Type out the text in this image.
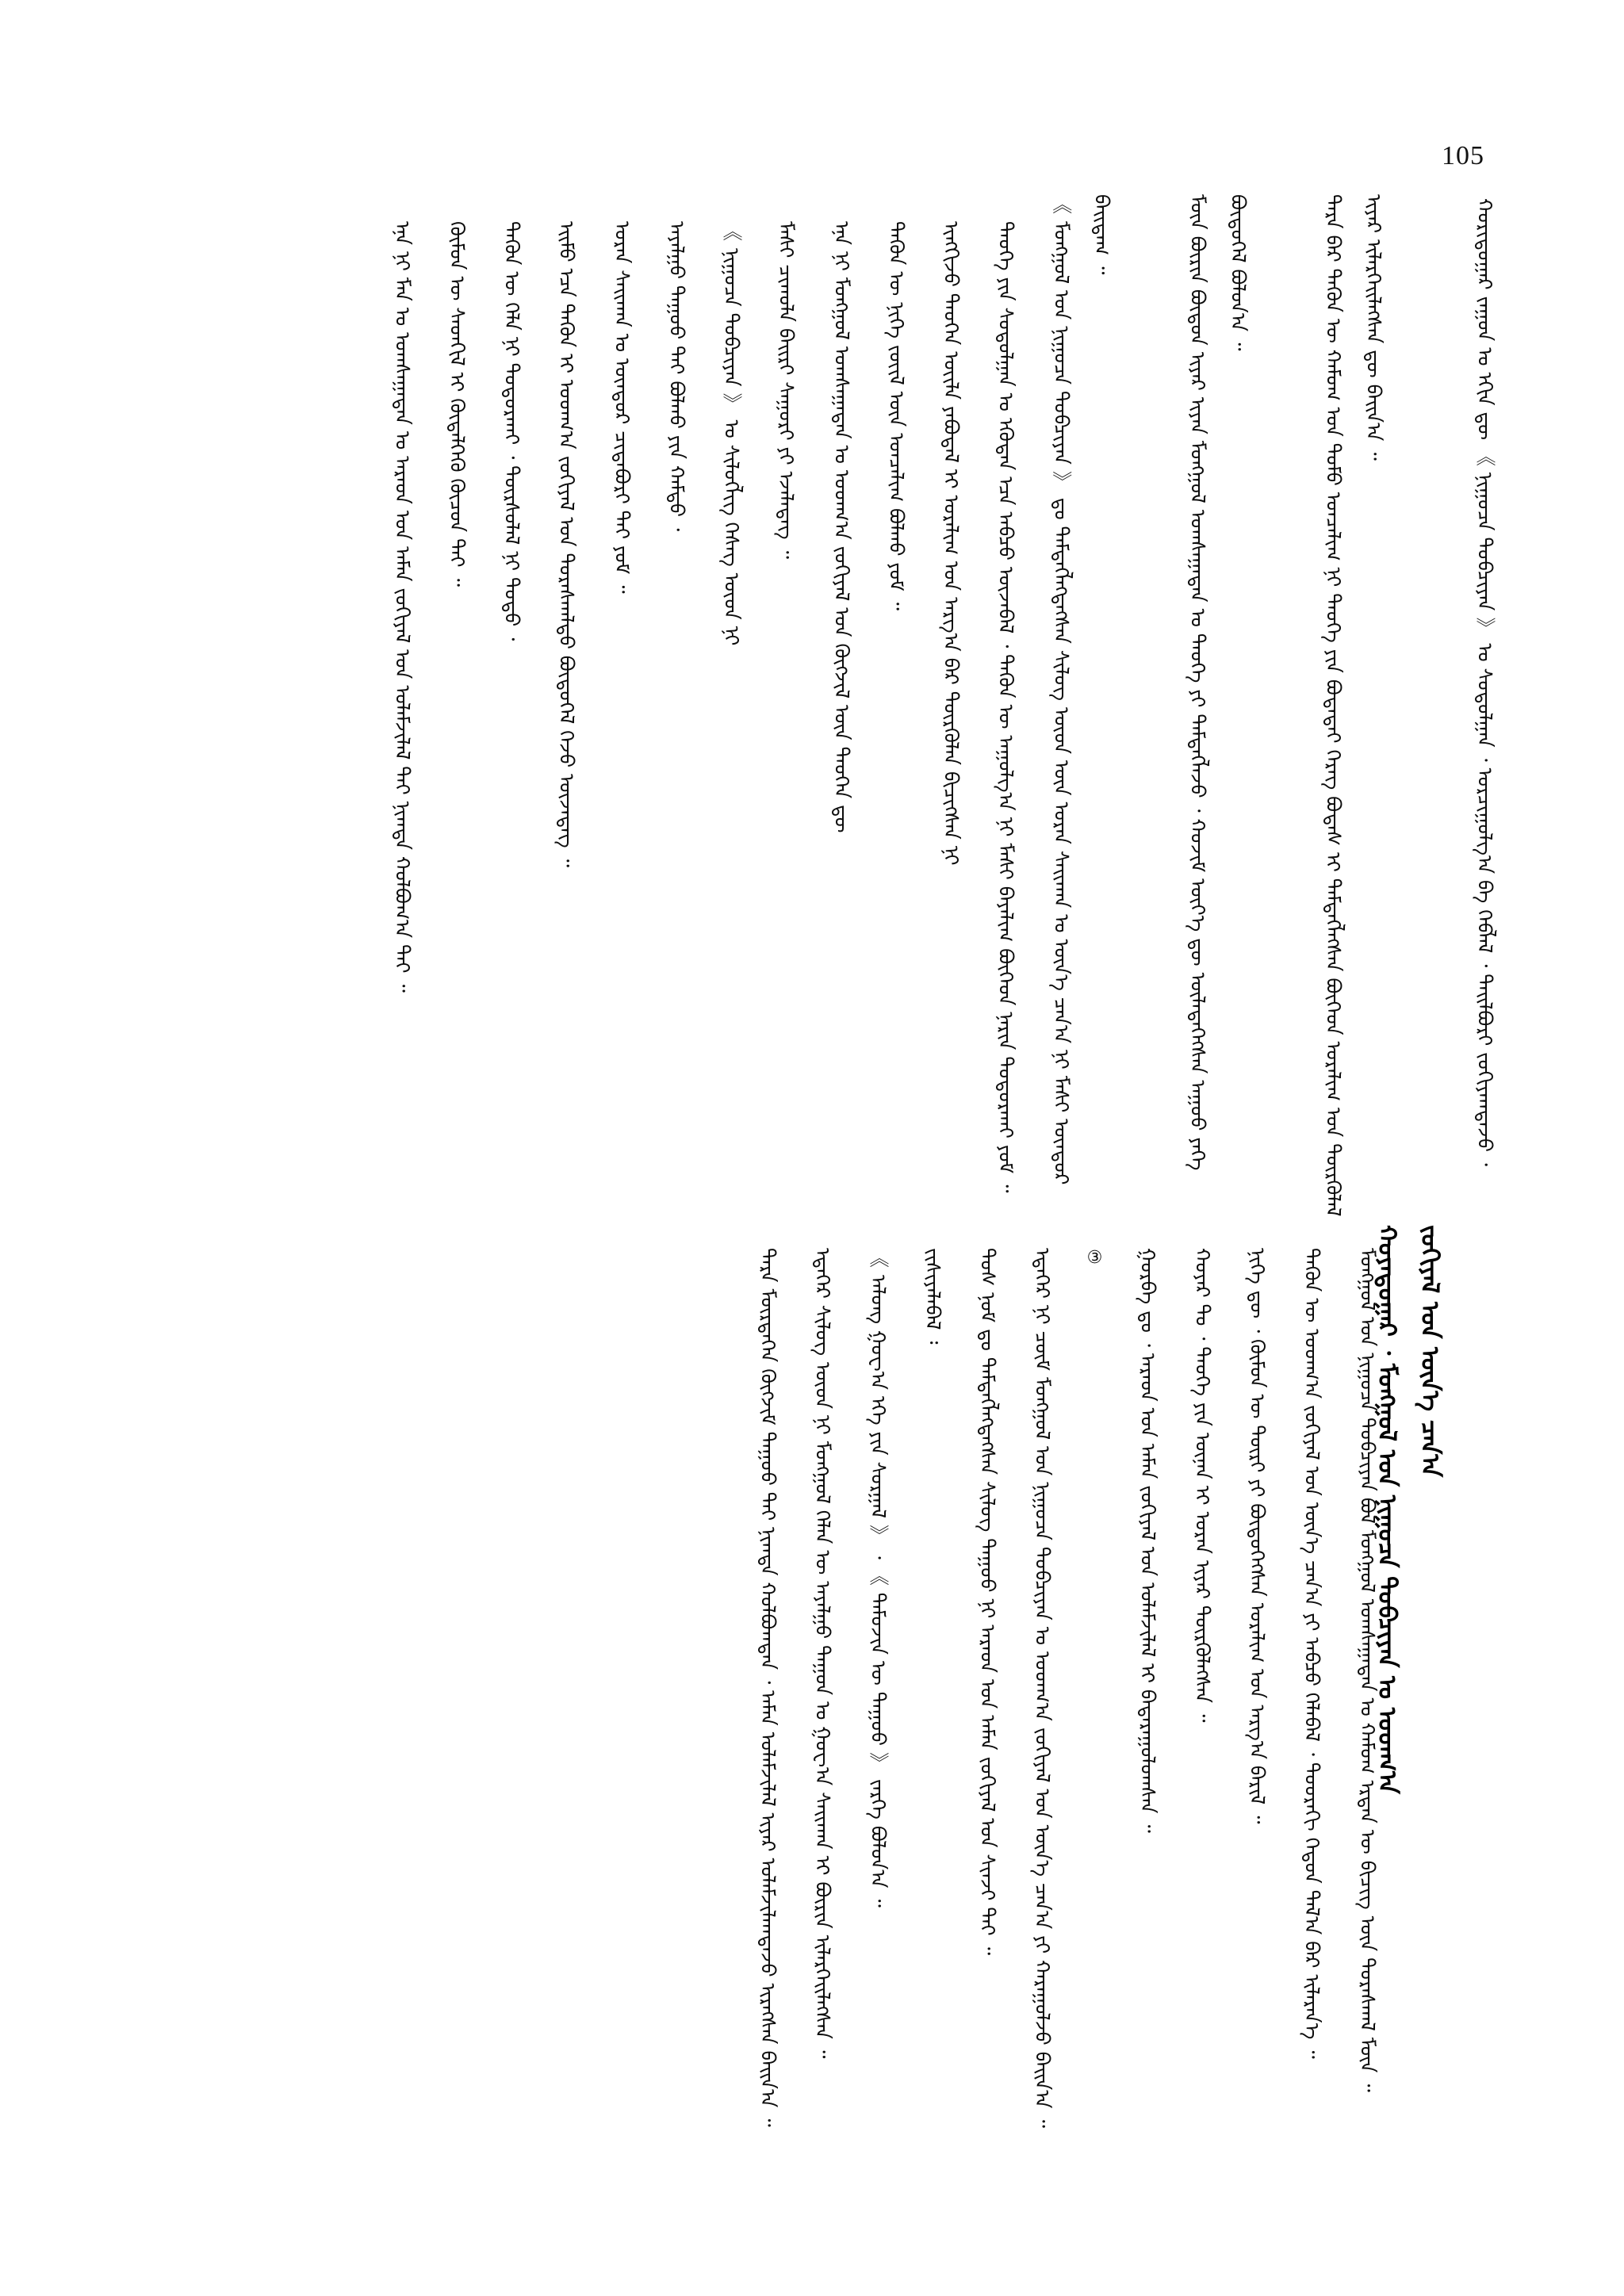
105
ᠬᠤᠷᠢᠳᠤᠭᠠᠷ ᠵᠠᠭᠤᠨ ᠤ ᠡᠬᠢᠨ ᠳᠦ 《 ᠨᠢᠭᠤᠴᠠ ᠲᠣᠪᠴᠢᠶᠠᠨ 》 ᠤ ᠰᠤᠳᠤᠯᠭᠠᠨ ᠂ ᠣᠷᠴᠢᠭᠤᠯᠭ᠎ᠠ ᠪᠠ ᠬᠡᠪᠯᠡᠯ ᠂ ᠲᠠᠢᠯᠪᠤᠷᠢ ᠵᠣᠬᠢᠶᠠᠭᠳᠠᠵᠤ ᠂

ᠲᠡᠷᠡ ᠪᠡᠷ ᠲᠡᠭᠦᠨ ᠦ ᠬᠠᠮᠤᠭ ᠤᠨ ᠲᠣᠮᠣ ᠣᠨᠴᠠᠯᠢᠭ ᠨᠢ ᠲᠡᠦᠬᠡ ᠶᠢᠨ ᠪᠣᠳᠠᠲᠠᠢ ᠬᠡᠷᠡᠭ ᠪᠣᠳᠠᠰ ᠢ ᠲᠡᠮᠳᠡᠭᠯᠡᠭᠰᠡᠨ ᠪᠥᠭᠡᠳ ᠤᠷᠠᠯᠢᠭ ᠤᠨ ᠲᠥᠷᠬᠦᠯᠡᠯ ᠢᠶᠡᠷ ᠢᠯᠡᠷᠬᠡᠢᠯᠡᠭᠰᠡᠨ ᠳᠦ ᠪᠠᠢᠨ᠎ᠠ ᠃

ᠮᠥᠨ ᠪᠦᠷᠢᠨ ᠪᠦᠲᠦᠨ ᠢᠶᠡᠷ ᠢᠶᠡᠨ ᠮᠣᠩᠭᠣᠯ ᠤᠭᠰᠠᠭᠠᠲᠠᠨ ᠤ ᠲᠡᠦᠬᠡ ᠶᠢ ᠲᠡᠮᠳᠡᠭᠯᠡᠵᠦ ᠂ ᠬᠣᠵᠢᠮ ᠦᠶ᠎ᠡ ᠳᠦ ᠦᠯᠡᠳᠡᠭᠡᠭᠰᠡᠨ ᠠᠭᠤᠤ ᠶᠡᠬᠡ ᠪᠦᠲᠦᠭᠡᠯ ᠪᠣᠯᠤᠨ᠎ᠠ ᠃

《 ᠮᠣᠩᠭᠣᠯ ᠤᠨ ᠨᠢᠭᠤᠴᠠ ᠲᠣᠪᠴᠢᠶᠠᠨ 》 ᠳᠤ ᠲᠡᠮᠳᠡᠭᠯᠡᠭᠳᠡᠭᠰᠡᠨ ᠰᠢᠯᠦᠭ ᠦᠳ ᠦᠨ ᠤᠷᠠᠨ ᠰᠠᠢᠬᠠᠨ ᠤ ᠦᠨ᠎ᠡ ᠴᠠᠨ᠎ᠠ ᠨᠢ ᠮᠠᠰᠢ ᠥᠨᠳᠥᠷ ᠪᠠᠢᠳᠠᠭ ᠃

ᠲᠡᠦᠬᠡ ᠶᠢᠨ ᠰᠤᠳᠤᠯᠭᠠᠨ ᠤ ᠡᠭᠦᠳᠡᠨ ᠡᠴᠡ ᠠᠪᠴᠤ ᠦᠵᠡᠪᠡᠯ ᠂ ᠲᠡᠭᠦᠨ ᠦ ᠠᠭᠤᠯᠭ᠎ᠠ ᠨᠢ ᠮᠠᠰᠢ ᠪᠠᠶᠠᠯᠢᠭ ᠪᠥᠭᠡᠳ ᠨᠠᠷᠢᠨ ᠲᠣᠳᠣᠷᠬᠠᠢ ᠶᠤᠮ ᠃

ᠢᠩᠭᠢᠵᠦ ᠲᠡᠦᠬᠡᠨ ᠦᠢᠯᠡ ᠶᠠᠪᠤᠳᠠᠯ ᠢ ᠤᠷᠠᠯᠢᠭ ᠤᠨ ᠠᠷᠭ᠎ᠠ ᠪᠠᠷ ᠲᠥᠷᠬᠦᠯᠡᠨ ᠪᠢᠴᠢᠭᠰᠡᠨ ᠨᠢ

ᠲᠡᠭᠦᠨ ᠦ ᠨᠢᠭᠡ ᠵᠦᠢᠯ ᠦᠨ ᠣᠨᠴᠠᠯᠢᠭ ᠪᠣᠯᠬᠤ ᠶᠤᠮ ᠃

ᠡᠨᠡ ᠨᠢ ᠮᠣᠩᠭᠣᠯ ᠤᠭᠰᠠᠭᠠᠲᠠᠨ ᠤ ᠤᠳᠬ᠎ᠠ ᠵᠣᠬᠢᠶᠠᠯ ᠤᠨ ᠬᠥᠭᠵᠢᠯ ᠦᠨ ᠲᠡᠦᠬᠡᠨ ᠳᠦ

ᠮᠠᠰᠢ ᠴᠢᠬᠤᠯᠠ ᠪᠠᠢᠷᠢ ᠰᠠᠭᠤᠷᠢ ᠶᠢ ᠡᠵᠡᠯᠡᠳᠡᠭ ᠃

《 ᠨᠢᠭᠤᠴᠠ ᠲᠣᠪᠴᠢᠶᠠᠨ 》 ᠤ ᠰᠢᠯᠦᠭᠯᠢᠭ ᠬᠡᠰᠡᠭ ᠦᠳ ᠨᠢ

ᠠᠶᠠᠯᠭᠤ ᠳᠠᠭᠤᠤ ᠲᠠᠢ ᠪᠣᠯᠬᠤ ᠶᠢᠨ ᠬᠠᠮᠲᠤ ᠂

ᠤᠷᠠᠨ ᠰᠠᠢᠬᠠᠨ ᠤ ᠥᠨᠳᠥᠷ ᠴᠢᠳᠠᠪᠤᠷᠢ ᠲᠠᠢ ᠶᠤᠮ ᠃

ᠡᠢᠮᠦ ᠡᠴᠡ ᠲᠡᠭᠦᠨ ᠢ ᠤᠳᠬ᠎ᠠ ᠵᠣᠬᠢᠶᠠᠯ ᠤᠨ ᠳᠤᠷᠠᠰᠬᠠᠯᠲᠤ ᠪᠦᠲᠦᠭᠡᠯ ᠭᠡᠵᠦ ᠦᠵᠡᠳᠡᠭ ᠃

ᠲᠡᠭᠦᠨ ᠦ ᠬᠡᠯᠡ ᠨᠢ ᠲᠣᠳᠣᠷᠬᠠᠢ ᠂ ᠳᠦᠷᠰᠦᠯᠡᠯ ᠨᠢ ᠲᠣᠳᠣ ᠂

ᠬᠦᠮᠦᠨ ᠦ ᠰᠡᠳᠬᠢᠯ ᠢ ᠬᠥᠳᠡᠯᠭᠡᠬᠦ ᠬᠦᠴᠦᠨ ᠲᠡᠢ ᠃

ᠡᠨᠡ ᠨᠢ ᠮᠠᠨ ᠤ ᠤᠭᠰᠠᠭᠠᠲᠠᠨ ᠤ ᠠᠷᠠᠳ ᠤᠨ ᠠᠮᠠᠨ ᠵᠣᠬᠢᠶᠠᠯ ᠤᠨ ᠤᠯᠠᠮᠵᠢᠯᠠᠯ ᠲᠠᠢ ᠨᠢᠭᠲᠠ ᠬᠣᠯᠪᠣᠭ᠎ᠠ ᠲᠠᠢ ᠃

ᠬᠤᠶᠠᠳᠤᠭᠠᠷ ᠂ ᠮᠣᠩᠭᠣᠯ ᠤᠨ ᠨᠢᠭᠤᠴᠠ ᠲᠣᠪᠴᠢᠶᠠᠨ ᠤ ᠤᠳᠬ᠎ᠠ ᠵᠣᠬᠢᠶᠠᠯ ᠤᠨ ᠦᠨ᠎ᠡ ᠴᠠᠨ᠎ᠠ

ᠮᠣᠩᠭᠣᠯ ᠤᠨ ᠨᠢᠭᠤᠴᠠ ᠲᠣᠪᠴᠢᠶᠠᠨ ᠪᠣᠯ ᠮᠣᠩᠭᠣᠯ ᠤᠭᠰᠠᠭᠠᠲᠠᠨ ᠤ ᠬᠠᠮᠤᠭ ᠡᠷᠲᠡᠨ ᠦ ᠪᠢᠴᠢᠭ ᠦᠨ ᠳᠤᠷᠠᠰᠬᠠᠯ ᠮᠥᠨ ᠃

ᠲᠡᠭᠦᠨ ᠦ ᠤᠳᠬ᠎ᠠ ᠵᠣᠬᠢᠶᠠᠯ ᠤᠨ ᠦᠨ᠎ᠡ ᠴᠠᠨ᠎ᠠ ᠶᠢ ᠠᠪᠴᠤ ᠬᠡᠯᠡᠪᠡᠯ ᠂ ᠳᠣᠣᠷᠠᠬᠢ ᠬᠡᠳᠦᠨ ᠲᠠᠯ᠎ᠠ ᠪᠠᠷ ᠢᠯᠡᠷᠡᠨ᠎ᠡ ᠃

ᠨᠢᠭᠡ ᠳᠦ ᠂ ᠬᠦᠮᠦᠨ ᠦ ᠳᠦᠷᠢ ᠶᠢ ᠪᠦᠲᠦᠭᠡᠭᠰᠡᠨ ᠤᠷᠠᠯᠢᠭ ᠤᠨ ᠠᠷᠭ᠎ᠠ ᠪᠠᠷᠢᠯ ᠃

ᠬᠣᠶᠠᠷ ᠲᠤ ᠂ ᠲᠡᠦᠬᠡ ᠶᠢᠨ ᠦᠨᠡᠨ ᠢ ᠤᠷᠠᠨ ᠢᠶᠡᠷ ᠲᠥᠷᠬᠦᠯᠡᠭᠰᠡᠨ ᠃

ᠭᠤᠷᠪᠠ ᠳᠤ ᠂ ᠠᠷᠠᠳ ᠤᠨ ᠠᠮᠠᠨ ᠵᠣᠬᠢᠶᠠᠯ ᠤᠨ ᠤᠯᠠᠮᠵᠢᠯᠠᠯ ᠢ ᠪᠠᠳᠠᠷᠠᠭᠤᠯᠤᠭᠰᠠᠨ ᠃

③

ᠡᠳᠡᠭᠡᠷ ᠨᠢ ᠴᠥᠮ ᠮᠣᠩᠭᠣᠯ ᠤᠨ ᠨᠢᠭᠤᠴᠠ ᠲᠣᠪᠴᠢᠶᠠᠨ ᠤ ᠤᠳᠬ᠎ᠠ ᠵᠣᠬᠢᠶᠠᠯ ᠤᠨ ᠦᠨ᠎ᠡ ᠴᠠᠨ᠎ᠠ ᠶᠢ ᠬᠠᠷᠠᠭᠤᠯᠵᠤ ᠪᠠᠢᠨ᠎ᠠ ᠃

ᠲᠤᠰ ᠨᠣᠮ ᠳᠤ ᠲᠡᠮᠳᠡᠭᠯᠡᠭᠳᠡᠭᠰᠡᠨ ᠰᠢᠯᠦᠭ ᠳᠠᠭᠤᠤ ᠨᠢ ᠠᠷᠠᠳ ᠤᠨ ᠠᠮᠠᠨ ᠵᠣᠬᠢᠶᠠᠯ ᠤᠨ ᠰᠢᠨᠵᠢ ᠲᠡᠢ ᠃

ᠵᠢᠱᠢᠶᠡᠯᠡᠪᠡᠯ ᠄

《 ᠠᠯᠤᠩ ᠭᠣᠸ᠎ᠠ ᠡᠬᠡ ᠶᠢᠨ ᠰᠤᠷᠭᠠᠯ 》 ᠂ 《 ᠲᠡᠮᠦᠵᠢᠨ ᠦ ᠳᠠᠭᠤᠤ 》 ᠵᠡᠷᠭᠡ ᠪᠣᠯᠤᠨ᠎ᠠ ᠃

ᠡᠳᠡᠭᠡᠷ ᠰᠢᠯᠦᠭ ᠦᠳ ᠨᠢ ᠮᠣᠩᠭᠣᠯ ᠬᠡᠯᠡᠨ ᠦ ᠠᠶᠠᠯᠭᠤ ᠳᠠᠭᠤᠨ ᠤ ᠭᠣᠸ᠎ᠠ ᠰᠠᠢᠬᠠᠨ ᠢ ᠪᠦᠷᠢᠨ ᠢᠯᠡᠷᠬᠡᠢᠯᠡᠭᠰᠡᠨ ᠃

ᠲᠡᠷᠡ ᠮᠥᠷᠲᠡᠭᠡᠨ ᠬᠥᠭᠵᠢᠮ ᠳᠠᠭᠤᠤ ᠲᠠᠢ ᠨᠢᠭᠲᠠ ᠬᠣᠯᠪᠣᠭᠳᠠᠨ ᠂ ᠠᠮᠠᠨ ᠤᠯᠠᠮᠵᠢᠯᠠᠯ ᠢᠶᠠᠷ ᠤᠯᠠᠮᠵᠢᠯᠠᠭᠳᠠᠵᠤ ᠢᠷᠡᠭᠰᠡᠨ ᠪᠠᠢᠨ᠎ᠠ ᠃
